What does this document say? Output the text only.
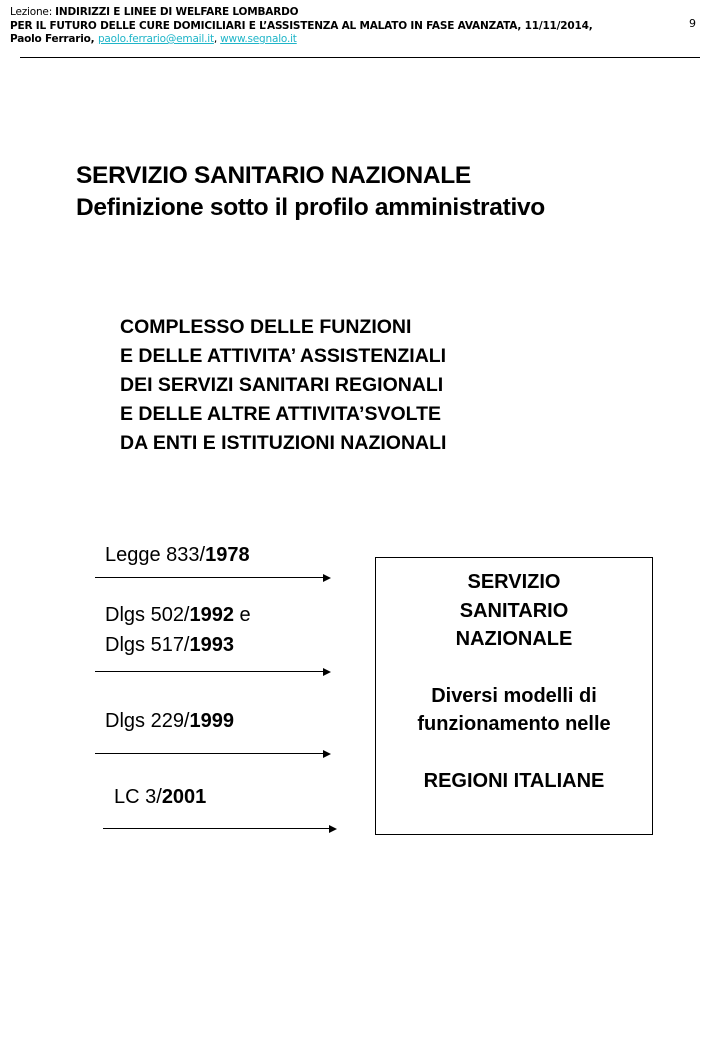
Lezione: INDIRIZZI E LINEE DI WELFARE LOMBARDO
PER IL FUTURO DELLE CURE DOMICILIARI E L’ASSISTENZA AL MALATO IN FASE AVANZATA, 11/11/2014,
Paolo Ferrario, paolo.ferrario@email.it, www.segnalo.it
9
SERVIZIO SANITARIO NAZIONALE
Definizione sotto il profilo amministrativo
COMPLESSO DELLE FUNZIONI
E DELLE ATTIVITA’ ASSISTENZIALI
DEI SERVIZI SANITARI REGIONALI
E DELLE ALTRE ATTIVITA’SVOLTE
DA ENTI E ISTITUZIONI NAZIONALI
Legge 833/1978
Dlgs 502/1992 e
Dlgs 517/1993
Dlgs 229/1999
LC 3/2001
SERVIZIO
SANITARIO
NAZIONALE
Diversi modelli di
funzionamento nelle
REGIONI ITALIANE
